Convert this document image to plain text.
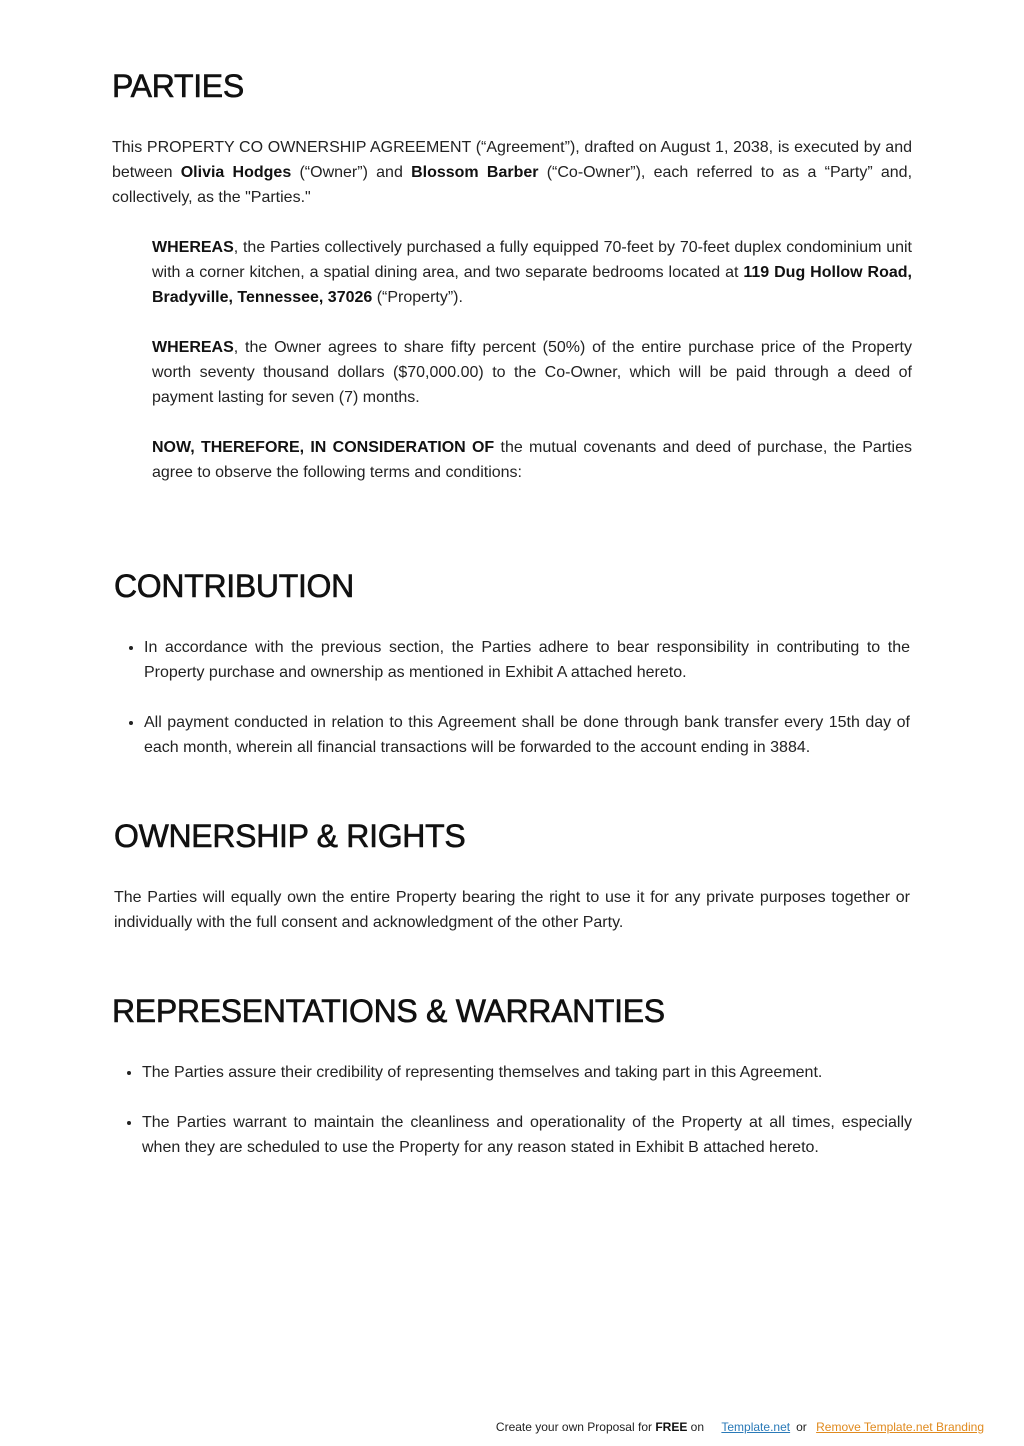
PARTIES

This PROPERTY CO OWNERSHIP AGREEMENT (“Agreement”), drafted on August 1, 2038, is executed by and between Olivia Hodges (“Owner”) and Blossom Barber (“Co-Owner”), each referred to as a “Party” and, collectively, as the "Parties."

WHEREAS, the Parties collectively purchased a fully equipped 70-feet by 70-feet duplex condominium unit with a corner kitchen, a spatial dining area, and two separate bedrooms located at 119 Dug Hollow Road, Bradyville, Tennessee, 37026 (“Property”).

WHEREAS, the Owner agrees to share fifty percent (50%) of the entire purchase price of the Property worth seventy thousand dollars ($70,000.00) to the Co-Owner, which will be paid through a deed of payment lasting for seven (7) months.

NOW, THEREFORE, IN CONSIDERATION OF the mutual covenants and deed of purchase, the Parties agree to observe the following terms and conditions:

CONTRIBUTION
• In accordance with the previous section, the Parties adhere to bear responsibility in contributing to the Property purchase and ownership as mentioned in Exhibit A attached hereto.
• All payment conducted in relation to this Agreement shall be done through bank transfer every 15th day of each month, wherein all financial transactions will be forwarded to the account ending in 3884.
OWNERSHIP & RIGHTS

The Parties will equally own the entire Property bearing the right to use it for any private purposes together or individually with the full consent and acknowledgment of the other Party.

REPRESENTATIONS & WARRANTIES
• The Parties assure their credibility of representing themselves and taking part in this Agreement.
• The Parties warrant to maintain the cleanliness and operationality of the Property at all times, especially when they are scheduled to use the Property for any reason stated in Exhibit B attached hereto.
Create your own Proposal for FREE on Template.net or Remove Template.net Branding
